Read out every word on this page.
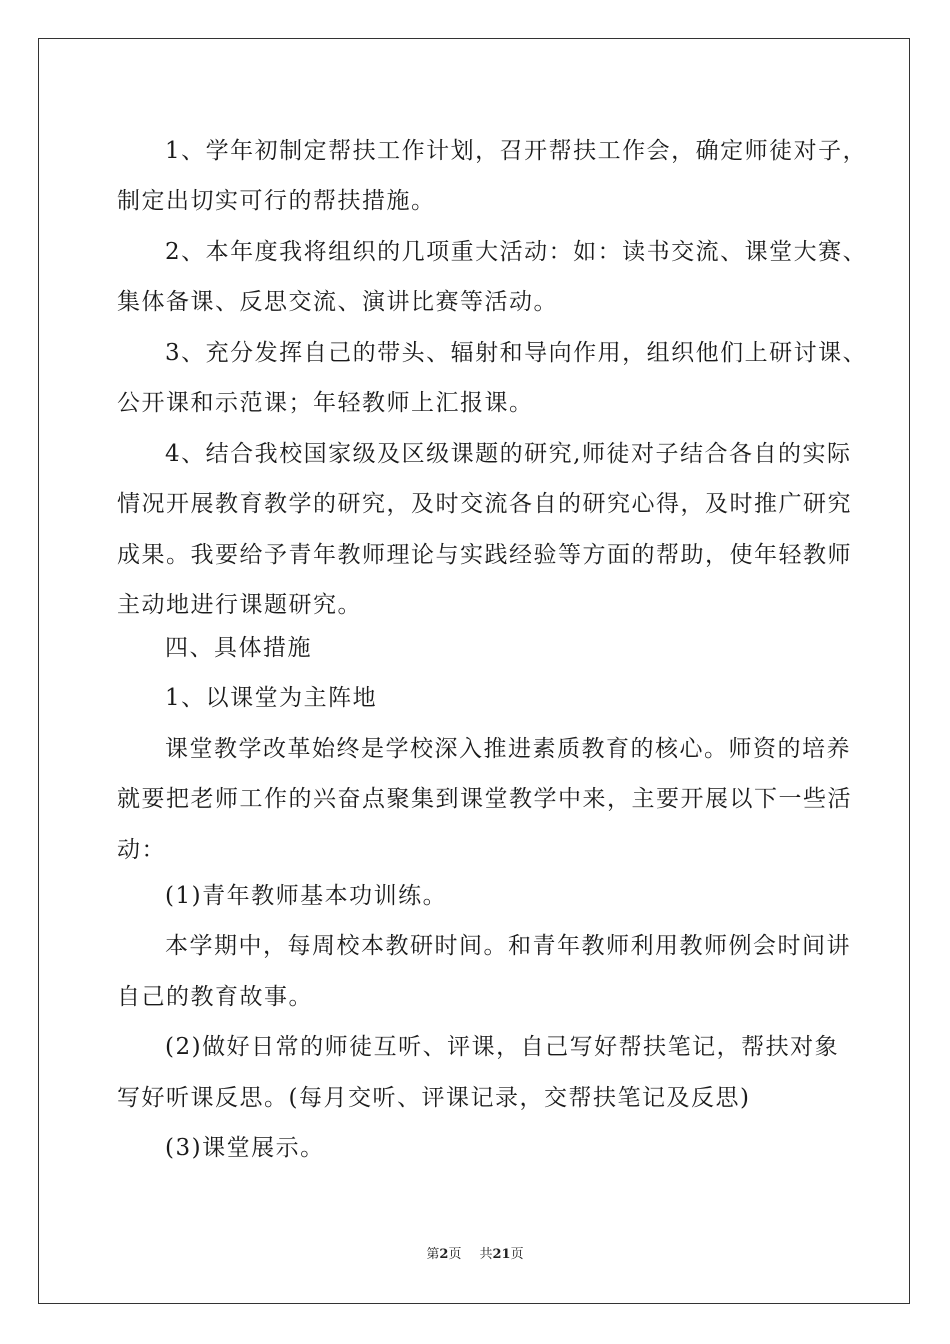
1、学年初制定帮扶工作计划，召开帮扶工作会，确定师徒对子，
制定出切实可行的帮扶措施。
2、本年度我将组织的几项重大活动：如：读书交流、课堂大赛、
集体备课、反思交流、演讲比赛等活动。
3、充分发挥自己的带头、辐射和导向作用，组织他们上研讨课、
公开课和示范课；年轻教师上汇报课。
4、结合我校国家级及区级课题的研究,师徒对子结合各自的实际
情况开展教育教学的研究，及时交流各自的研究心得，及时推广研究
成果。我要给予青年教师理论与实践经验等方面的帮助，使年轻教师
主动地进行课题研究。
四、具体措施
1、以课堂为主阵地
课堂教学改革始终是学校深入推进素质教育的核心。师资的培养
就要把老师工作的兴奋点聚集到课堂教学中来，主要开展以下一些活
动：
(1)青年教师基本功训练。
本学期中，每周校本教研时间。和青年教师利用教师例会时间讲
自己的教育故事。
(2)做好日常的师徒互听、评课，自己写好帮扶笔记，帮扶对象
写好听课反思。(每月交听、评课记录，交帮扶笔记及反思)
(3)课堂展示。
第2页 共21页
